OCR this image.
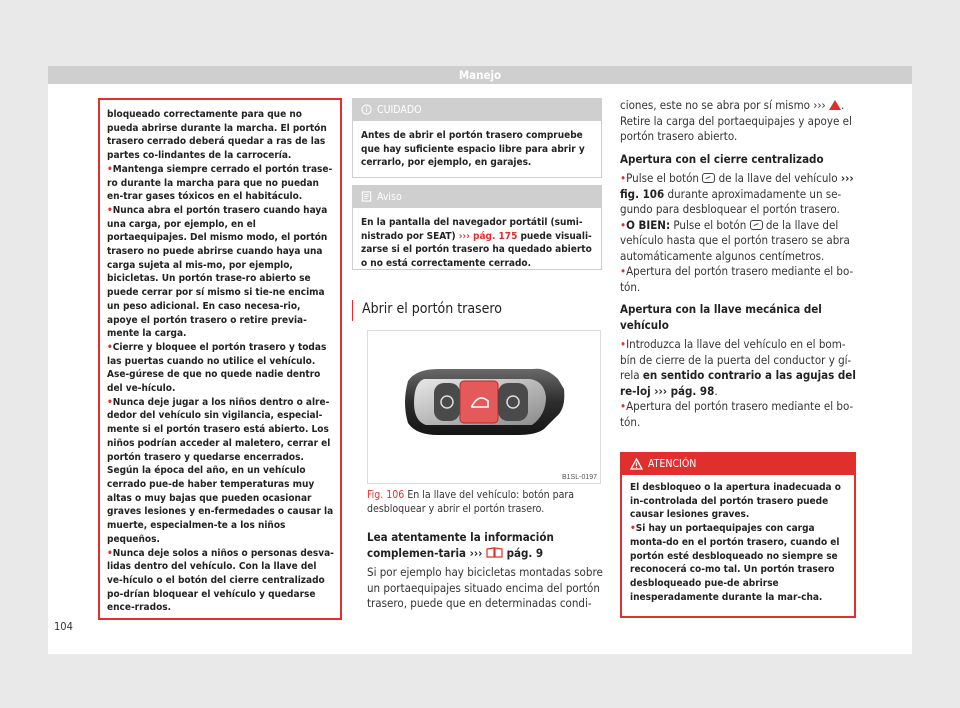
Manejo

bloqueado correctamente para que no pueda abrirse durante la marcha. El portón trasero cerrado deberá quedar a ras de las partes co-lindantes de la carrocería.

• Mantenga siempre cerrado el portón trase-ro durante la marcha para que no puedan en-trar gases tóxicos en el habitáculo.

• Nunca abra el portón trasero cuando haya una carga, por ejemplo, en el portaequipajes. Del mismo modo, el portón trasero no puede abrirse cuando haya una carga sujeta al mis-mo, por ejemplo, bicicletas. Un portón trase-ro abierto se puede cerrar por sí mismo si tie-ne encima un peso adicional. En caso necesa-rio, apoye el portón trasero o retire previa-mente la carga.

• Cierre y bloquee el portón trasero y todas las puertas cuando no utilice el vehículo. Ase-gúrese de que no quede nadie dentro del ve-hículo.

• Nunca deje jugar a los niños dentro o alre-dedor del vehículo sin vigilancia, especial-mente si el portón trasero está abierto. Los niños podrían acceder al maletero, cerrar el portón trasero y quedarse encerrados. Según la época del año, en un vehículo cerrado pue-de haber temperaturas muy altas o muy bajas que pueden ocasionar graves lesiones y en-fermedades o causar la muerte, especialmen-te a los niños pequeños.

• Nunca deje solos a niños o personas desva-lidas dentro del vehículo. Con la llave del ve-hículo o el botón del cierre centralizado po-drían bloquear el vehículo y quedarse ence-rrados.

CUIDADO
Antes de abrir el portón trasero compruebe que hay suficiente espacio libre para abrir y cerrarlo, por ejemplo, en garajes.
Aviso
En la pantalla del navegador portátil (sumi-nistrado por SEAT) ››› pág. 175 puede visuali-zarse si el portón trasero ha quedado abierto o no está correctamente cerrado.
Abrir el portón trasero
B1SL-0197
Fig. 106 En la llave del vehículo: botón para desbloquear y abrir el portón trasero.

Lea atentamente la información complemen-taria ›››  pág. 9

Si por ejemplo hay bicicletas montadas sobre un portaequipajes situado encima del portón trasero, puede que en determinadas condi-

ciones, este no se abra por sí mismo ››› .

Retire la carga del portaequipajes y apoye el portón trasero abierto.

Apertura con el cierre centralizado

• Pulse el botón  de la llave del vehículo ››› fig. 106 durante aproximadamente un se-gundo para desbloquear el portón trasero.

• O BIEN: Pulse el botón  de la llave del vehículo hasta que el portón trasero se abra automáticamente algunos centímetros.

• Apertura del portón trasero mediante el bo-tón.

Apertura con la llave mecánica del vehículo

• Introduzca la llave del vehículo en el bom-bín de cierre de la puerta del conductor y gí-rela en sentido contrario a las agujas del re-loj ››› pág. 98.

• Apertura del portón trasero mediante el bo-tón.

ATENCIÓN

El desbloqueo o la apertura inadecuada o in-controlada del portón trasero puede causar lesiones graves.

• Si hay un portaequipajes con carga monta-do en el portón trasero, cuando el portón esté desbloqueado no siempre se reconocerá co-mo tal. Un portón trasero desbloqueado pue-de abrirse inesperadamente durante la mar-cha.

104
